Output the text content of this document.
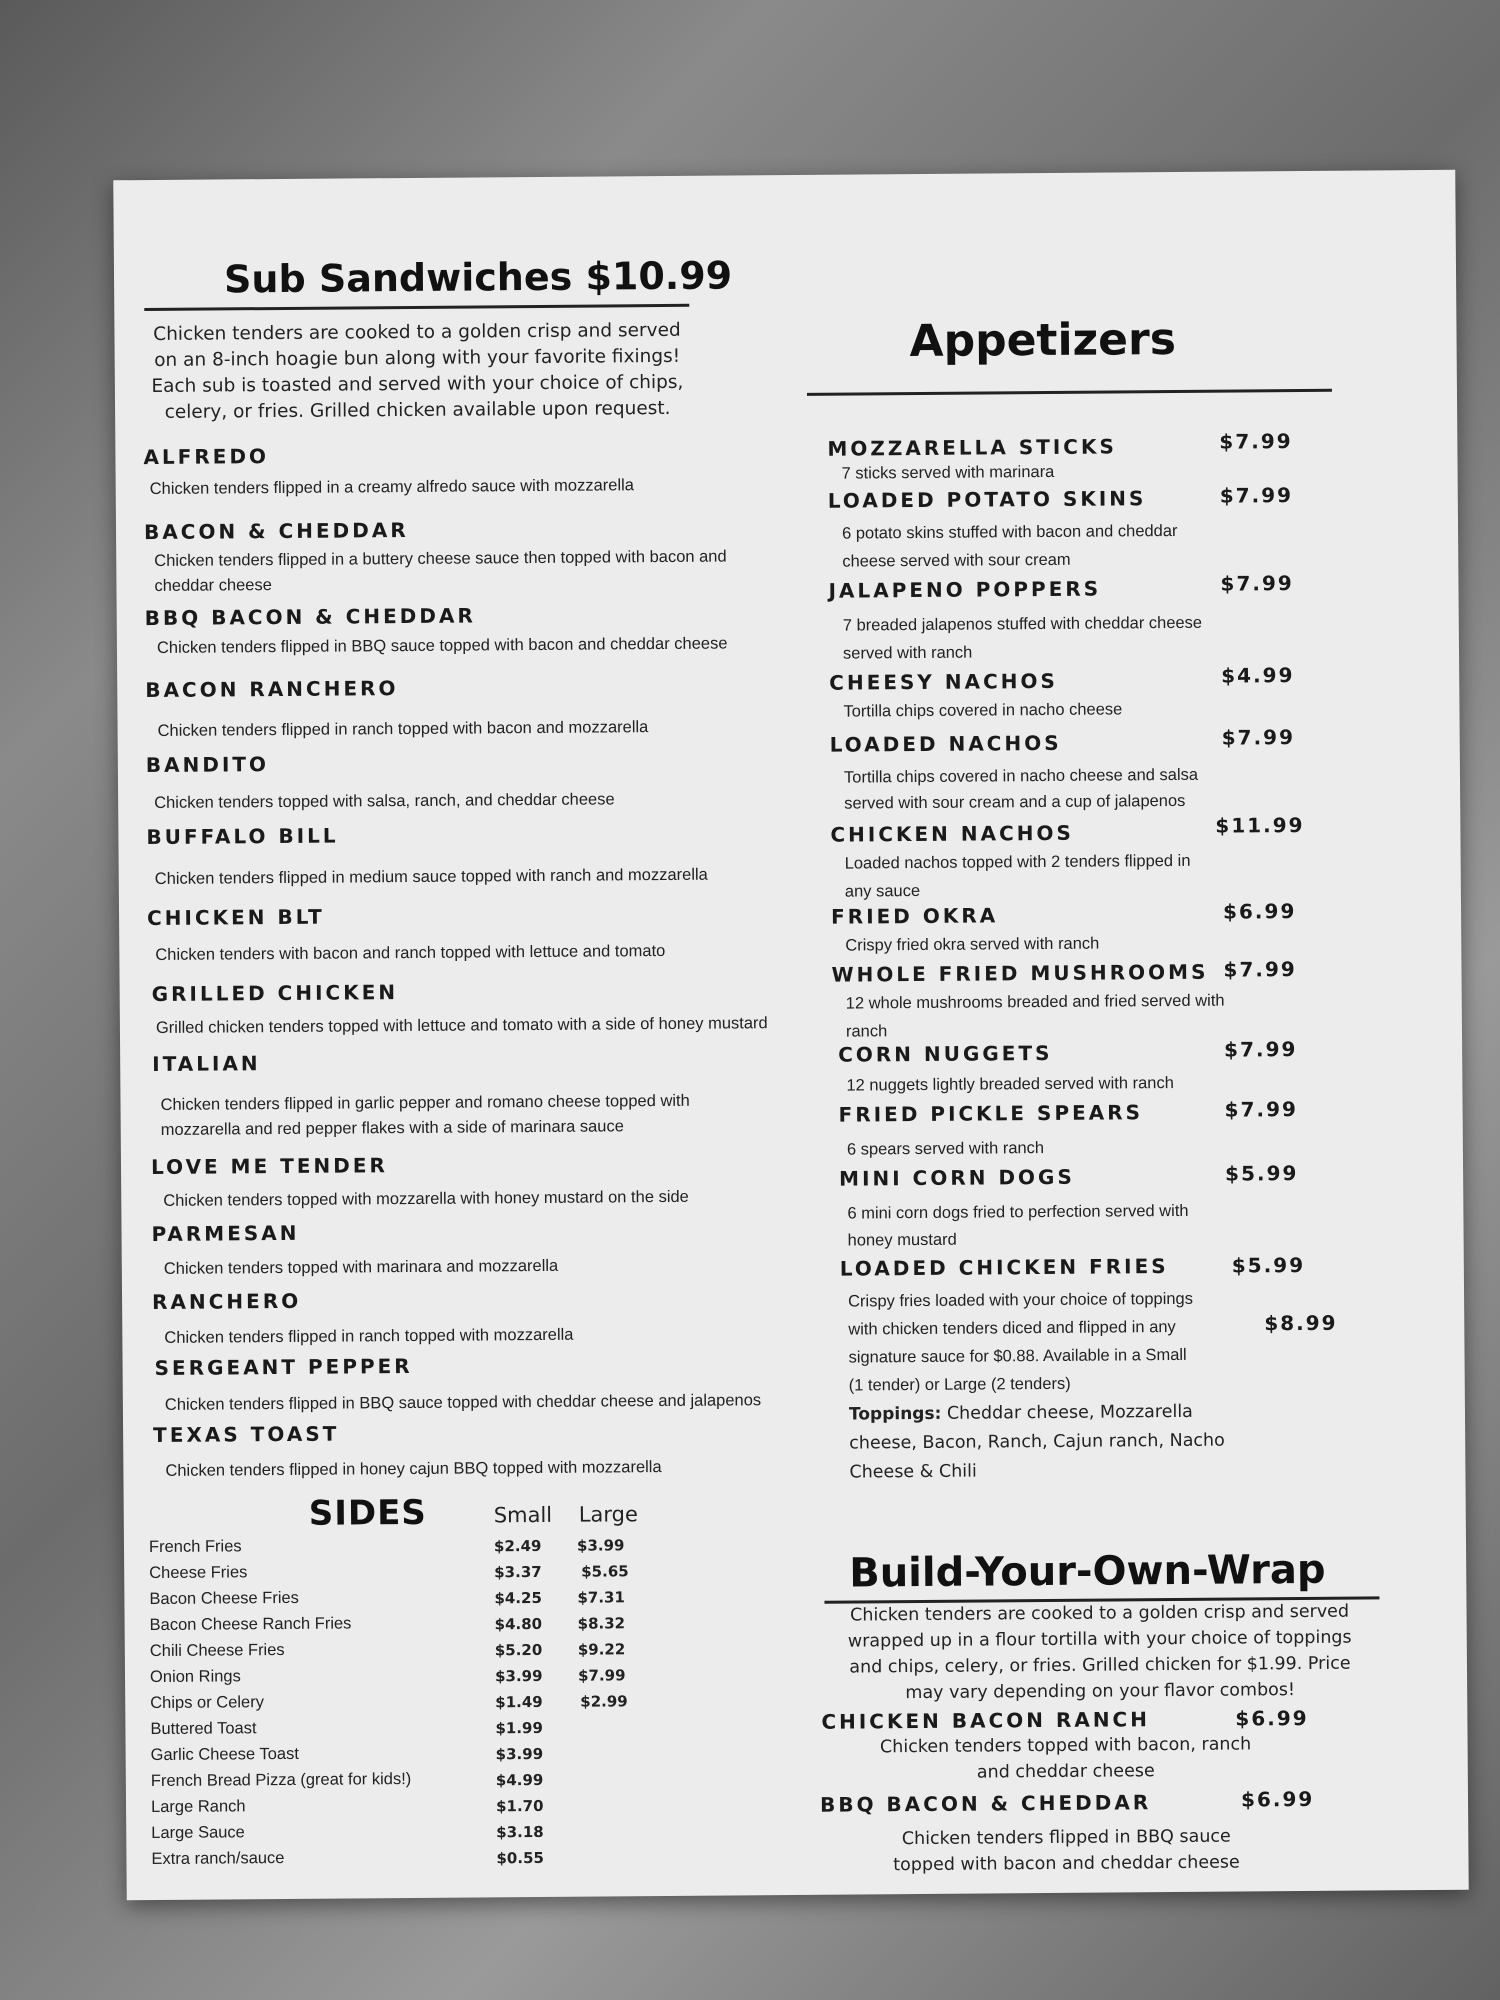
Sub Sandwiches $10.99
Chicken tenders are cooked to a golden crisp and served
on an 8-inch hoagie bun along with your favorite fixings!
Each sub is toasted and served with your choice of chips,
celery, or fries. Grilled chicken available upon request.
ALFREDO
Chicken tenders flipped in a creamy alfredo sauce with mozzarella
BACON & CHEDDAR
Chicken tenders flipped in a buttery cheese sauce then topped with bacon and
cheddar cheese
BBQ BACON & CHEDDAR
Chicken tenders flipped in BBQ sauce topped with bacon and cheddar cheese
BACON RANCHERO
Chicken tenders flipped in ranch topped with bacon and mozzarella
BANDITO
Chicken tenders topped with salsa, ranch, and cheddar cheese
BUFFALO BILL
Chicken tenders flipped in medium sauce topped with ranch and mozzarella
CHICKEN BLT
Chicken tenders with bacon and ranch topped with lettuce and tomato
GRILLED CHICKEN
Grilled chicken tenders topped with lettuce and tomato with a side of honey mustard
ITALIAN
Chicken tenders flipped in garlic pepper and romano cheese topped with
mozzarella and red pepper flakes with a side of marinara sauce
LOVE ME TENDER
Chicken tenders topped with mozzarella with honey mustard on the side
PARMESAN
Chicken tenders topped with marinara and mozzarella
RANCHERO
Chicken tenders flipped in ranch topped with mozzarella
SERGEANT PEPPER
Chicken tenders flipped in BBQ sauce topped with cheddar cheese and jalapenos
TEXAS TOAST
Chicken tenders flipped in honey cajun BBQ topped with mozzarella
SIDES	Small Large
French Fries	$2.49 $3.99
Cheese Fries	$3.37	$5.65
Bacon Cheese Fries	$4.25 $7.31
Bacon Cheese Ranch Fries	$4.80 $8.32
Chili Cheese Fries	$5.20 $9.22
Onion Rings	$3.99 $7.99
Chips or Celery	$1.49 $2.99
Buttered Toast	$1.99
Garlic Cheese Toast	$3.99
French Bread Pizza (great for kids!)	$4.99
Large Ranch	$1.70
Large Sauce	$3.18
Extra ranch/sauce	$0.55
Appetizers
MOZZARELLA STICKS	$7.99
7 sticks served with marinara
LOADED POTATO SKINS	$7.99
6 potato skins stuffed with bacon and cheddar
cheese served with sour cream
JALAPENO POPPERS	$7.99
7 breaded jalapenos stuffed with cheddar cheese
served with ranch
CHEESY NACHOS	$4.99
Tortilla chips covered in nacho cheese
LOADED NACHOS	$7.99
Tortilla chips covered in nacho cheese and salsa
served with sour cream and a cup of jalapenos
CHICKEN NACHOS	$11.99
Loaded nachos topped with 2 tenders flipped in
any sauce
FRIED OKRA	$6.99
Crispy fried okra served with ranch
WHOLE FRIED MUSHROOMS $7.99
12 whole mushrooms breaded and fried served with
ranch
CORN NUGGETS	$7.99
12 nuggets lightly breaded served with ranch
FRIED PICKLE SPEARS	$7.99
6 spears served with ranch
MINI CORN DOGS	$5.99
6 mini corn dogs fried to perfection served with
honey mustard
LOADED CHICKEN FRIES	$5.99
Crispy fries loaded with your choice of toppings
with chicken tenders diced and flipped in any	$8.99
signature sauce for $0.88. Available in a Small
(1 tender) or Large (2 tenders)
Toppings: Cheddar cheese, Mozzarella
cheese, Bacon, Ranch, Cajun ranch, Nacho
Cheese & Chili
Build-Your-Own-Wrap
Chicken tenders are cooked to a golden crisp and served
wrapped up in a flour tortilla with your choice of toppings
and chips, celery, or fries. Grilled chicken for $1.99. Price
may vary depending on your flavor combos!
CHICKEN BACON RANCH	$6.99
Chicken tenders topped with bacon, ranch
and cheddar cheese
BBQ BACON & CHEDDAR	$6.99
Chicken tenders flipped in BBQ sauce
topped with bacon and cheddar cheese
